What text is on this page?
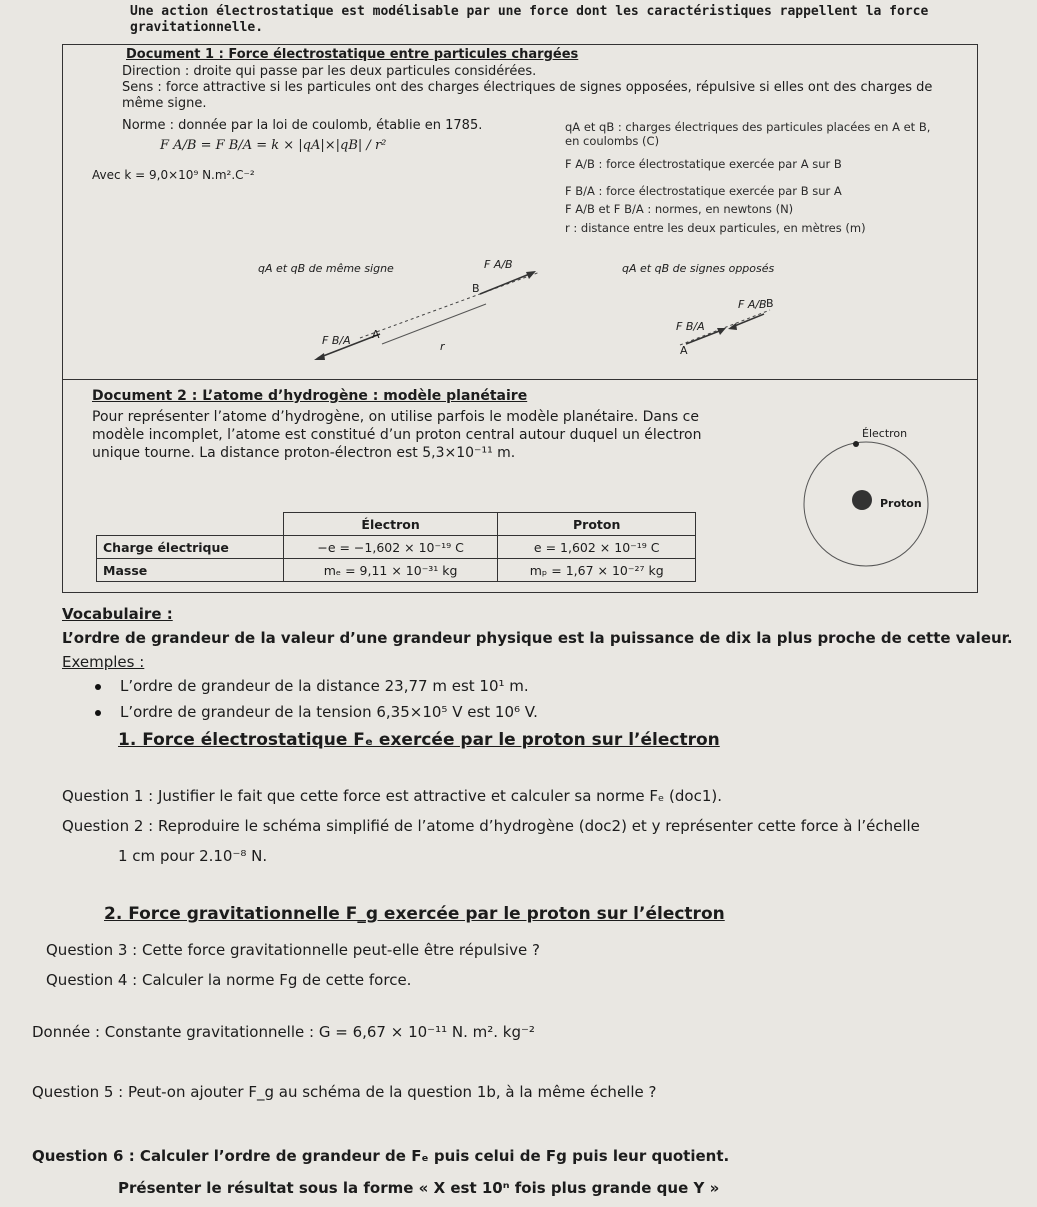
Une action électrostatique est modélisable par une force dont les caractéristiques rappellent la force gravitationnelle.
Document 1 : Force électrostatique entre particules chargées
Direction : droite qui passe par les deux particules considérées.
Sens : force attractive si les particules ont des charges électriques de signes opposées, répulsive si elles ont des charges de même signe.
Norme : donnée par la loi de coulomb, établie en 1785.
F A/B = F B/A = k × |qA|×|qB| / r²
Avec k = 9,0×10⁹ N.m².C⁻²
qA et qB : charges électriques des particules placées en A et B, en coulombs (C)
F A/B : force électrostatique exercée par A sur B
F B/A : force électrostatique exercée par B sur A
F A/B et F B/A : normes, en newtons (N)
r : distance entre les deux particules, en mètres (m)
qA et qB de même signe	F A/B
B
F B/A A
r
qA et qB de signes opposés
F A/B B
F B/A
A
Document 2 : L’atome d’hydrogène : modèle planétaire
Pour représenter l’atome d’hydrogène, on utilise parfois le modèle planétaire. Dans ce modèle incomplet, l’atome est constitué d’un proton central autour duquel un électron unique tourne. La distance proton-électron est 5,3×10⁻¹¹ m.
Électron
Proton
	Électron	Proton
Charge électrique	−e = −1,602 × 10⁻¹⁹ C	e = 1,602 × 10⁻¹⁹ C
Masse	mₑ = 9,11 × 10⁻³¹ kg	mₚ = 1,67 × 10⁻²⁷ kg
Vocabulaire :
L’ordre de grandeur de la valeur d’une grandeur physique est la puissance de dix la plus proche de cette valeur.
Exemples :
L’ordre de grandeur de la distance 23,77 m est 10¹ m.
L’ordre de grandeur de la tension 6,35×10⁵ V est 10⁶ V.
1. Force électrostatique Fₑ exercée par le proton sur l’électron
Question 1 : Justifier le fait que cette force est attractive et calculer sa norme Fₑ (doc1).
Question 2 : Reproduire le schéma simplifié de l’atome d’hydrogène (doc2) et y représenter cette force à l’échelle
1 cm pour 2.10⁻⁸ N.
2. Force gravitationnelle F_g exercée par le proton sur l’électron
Question 3 : Cette force gravitationnelle peut-elle être répulsive ?
Question 4 : Calculer la norme Fg de cette force.
Donnée : Constante gravitationnelle : G = 6,67 × 10⁻¹¹ N. m². kg⁻²
Question 5 : Peut-on ajouter F_g au schéma de la question 1b, à la même échelle ?
Question 6 : Calculer l’ordre de grandeur de Fₑ puis celui de Fg puis leur quotient.
Présenter le résultat sous la forme « X est 10ⁿ fois plus grande que Y »
